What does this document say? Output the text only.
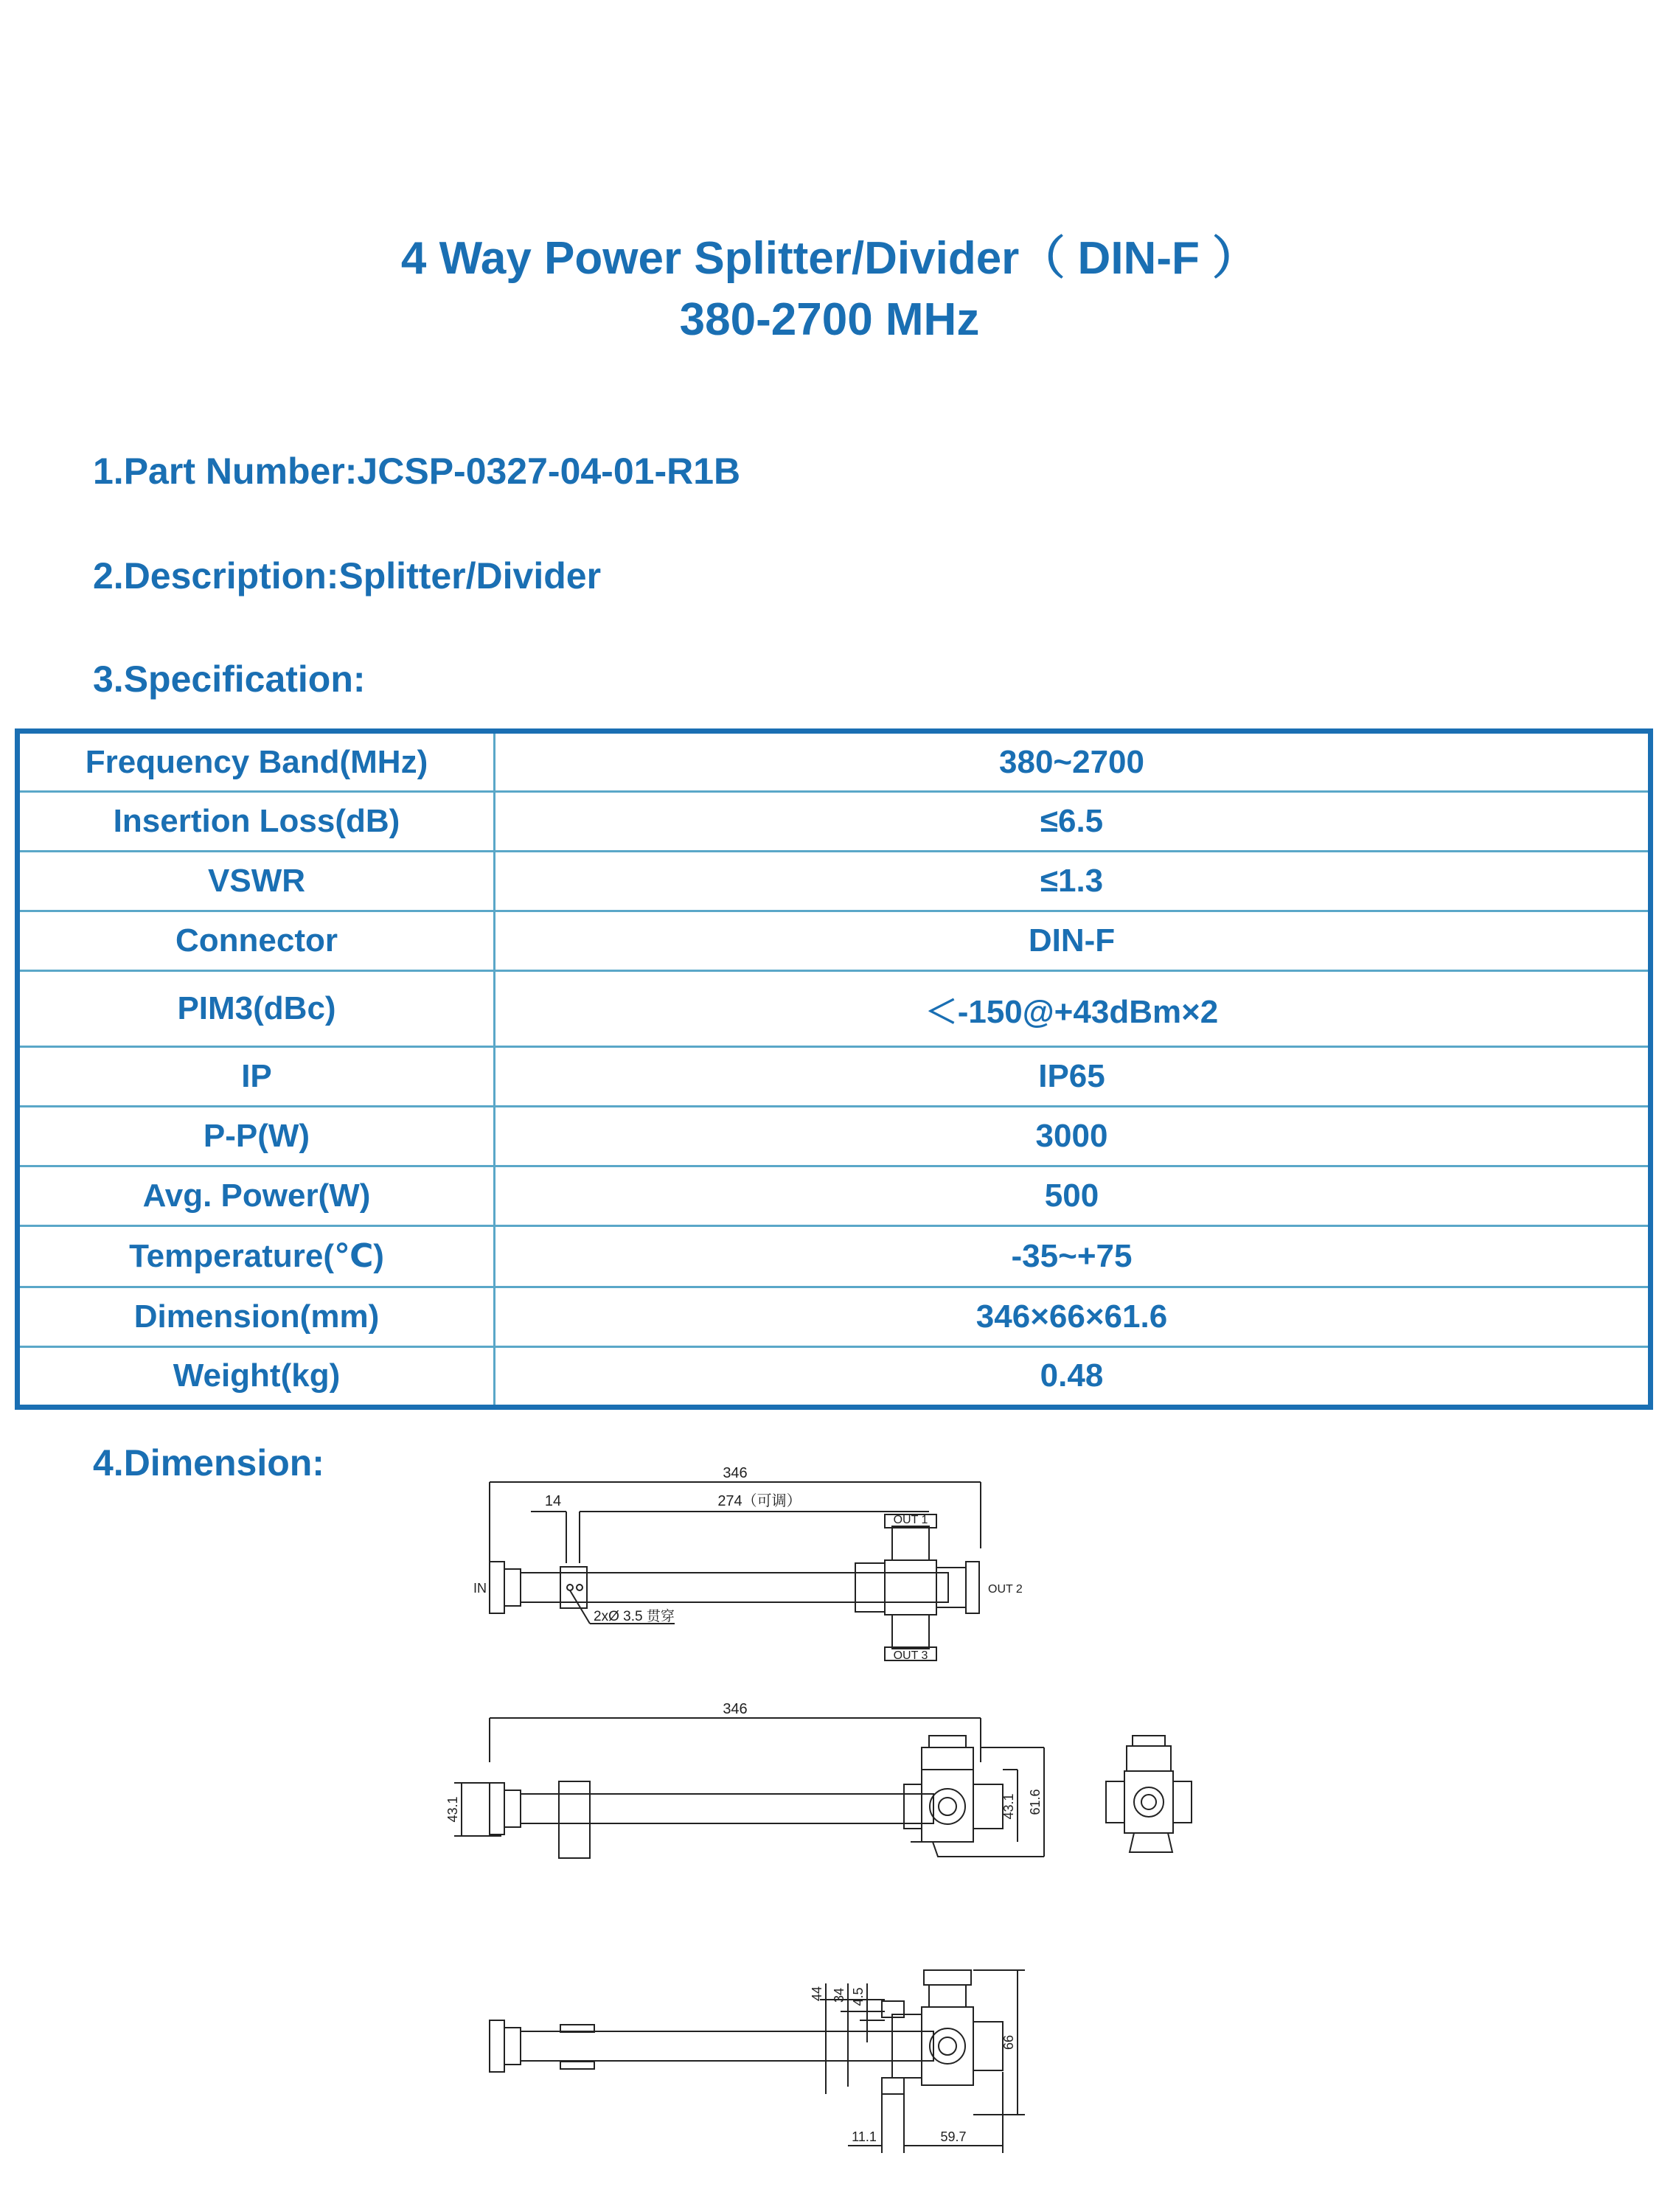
4 Way Power Splitter/Divider（ DIN-F ）
380-2700 MHz
1.Part Number:JCSP-0327-04-01-R1B
2.Description:Splitter/Divider
3.Specification:
Frequency Band(MHz)	380~2700
Insertion Loss(dB)	≤6.5
VSWR	≤1.3
Connector	DIN-F
PIM3(dBc)	＜-150@+43dBm×2
IP	IP65
P-P(W)	3000
Avg. Power(W)	500
Temperature(℃)	-35~+75
Dimension(mm)	346×66×61.6
Weight(kg)	0.48
4.Dimension:	346
14	274（可调）
IN
OUT 1
OUT 2
OUT 3
2xØ 3.5 贯穿
346
43.1	43.1 61.6
44 34 4.5
66
11.1	59.7
